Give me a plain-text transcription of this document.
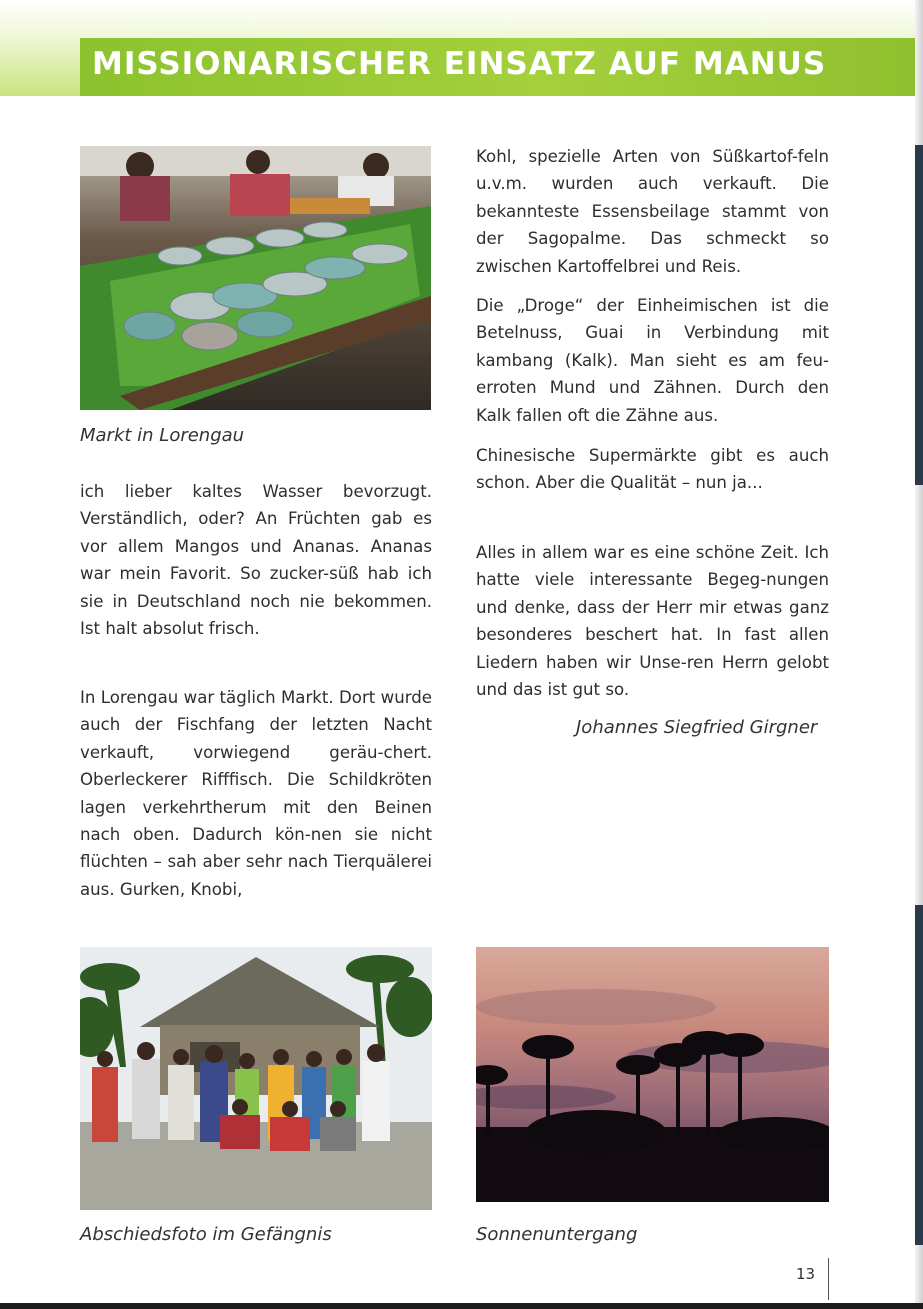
MISSIONARISCHER EINSATZ AUF MANUS
Markt in Lorengau

ich lieber kaltes Wasser bevorzugt. Verständlich, oder? An Früchten gab es vor allem Mangos und Ananas. Ananas war mein Favorit. So zucker-süß hab ich sie in Deutschland noch nie bekommen. Ist halt absolut frisch.

In Lorengau war täglich Markt. Dort wurde auch der Fischfang der letzten Nacht verkauft, vorwiegend geräu-chert. Oberleckerer Rifffisch. Die Schildkröten lagen verkehrtherum mit den Beinen nach oben. Dadurch kön-nen sie nicht flüchten – sah aber sehr nach Tierquälerei aus. Gurken, Knobi,

Kohl, spezielle Arten von Süßkartof-feln u.v.m. wurden auch verkauft. Die bekannteste Essensbeilage stammt von der Sagopalme. Das schmeckt so zwischen Kartoffelbrei und Reis.

Die „Droge“ der Einheimischen ist die Betelnuss, Guai in Verbindung mit kambang (Kalk). Man sieht es am feu-erroten Mund und Zähnen. Durch den Kalk fallen oft die Zähne aus.

Chinesische Supermärkte gibt es auch schon. Aber die Qualität – nun ja...

Alles in allem war es eine schöne Zeit. Ich hatte viele interessante Begeg-nungen und denke, dass der Herr mir etwas ganz besonderes beschert hat. In fast allen Liedern haben wir Unse-ren Herrn gelobt und das ist gut so.

Johannes Siegfried Girgner
Abschiedsfoto im Gefängnis	Sonnenuntergang
13
